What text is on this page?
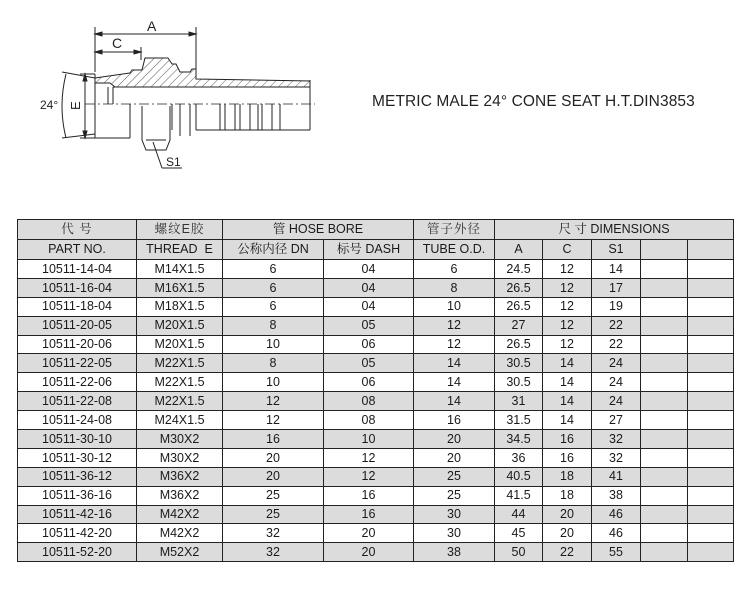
A
C
24° E
S1
METRIC MALE 24° CONE SEAT H.T.DIN3853
代 号	螺纹E胶	管 HOSE BORE		管子外径	尺 寸 DIMENSIONS				
PART NO.	THREAD  E	公称内径 DN	标号 DASH	TUBE O.D.	A	C	S1		
10511-14-04	M14X1.5	6	04	6	24.5	12	14		
10511-16-04	M16X1.5	6	04	8	26.5	12	17		
10511-18-04	M18X1.5	6	04	10	26.5	12	19		
10511-20-05	M20X1.5	8	05	12	27	12	22		
10511-20-06	M20X1.5	10	06	12	26.5	12	22		
10511-22-05	M22X1.5	8	05	14	30.5	14	24		
10511-22-06	M22X1.5	10	06	14	30.5	14	24		
10511-22-08	M22X1.5	12	08	14	31	14	24		
10511-24-08	M24X1.5	12	08	16	31.5	14	27		
10511-30-10	M30X2	16	10	20	34.5	16	32		
10511-30-12	M30X2	20	12	20	36	16	32		
10511-36-12	M36X2	20	12	25	40.5	18	41		
10511-36-16	M36X2	25	16	25	41.5	18	38		
10511-42-16	M42X2	25	16	30	44	20	46		
10511-42-20	M42X2	32	20	30	45	20	46		
10511-52-20	M52X2	32	20	38	50	22	55		
